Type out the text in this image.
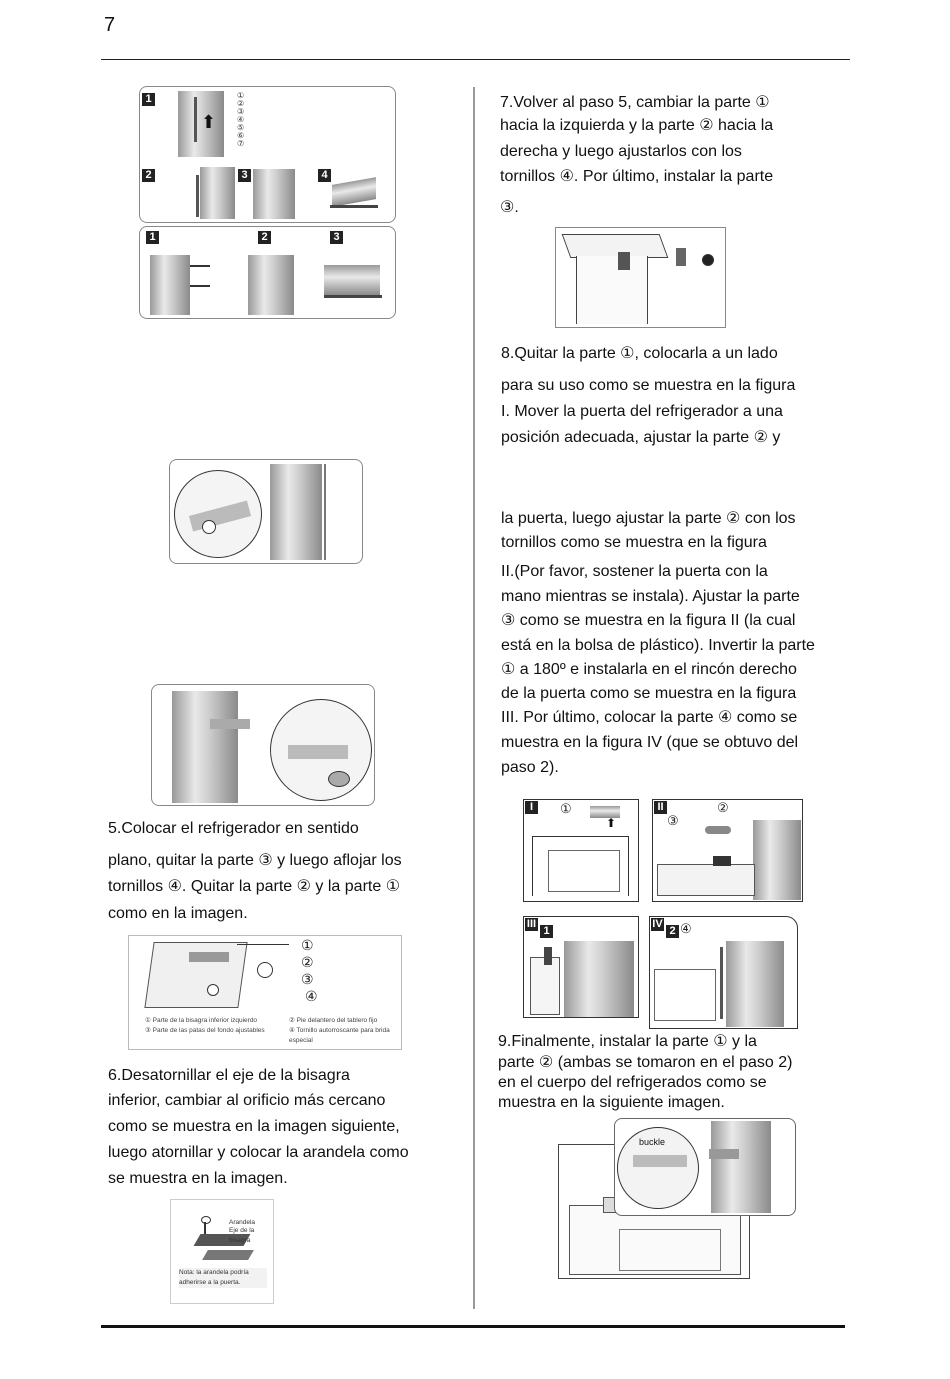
7
1
⬆
①
②
③
④
⑤
⑥
⑦
2	3	4
1	2	3
5.Colocar el refrigerador en sentido
plano, quitar la parte ③ y luego aflojar los
tornillos ④. Quitar la parte ② y la parte ①
como en la imagen.
①
②
③
④
① Parte de la bisagra inferior izquierdo
③ Parte de las patas del fondo ajustables
② Pie delantero del tablero fijo
④ Tornillo autorroscante para brida especial
6.Desatornillar el eje de la bisagra
inferior, cambiar al orificio más cercano
como se muestra en la imagen siguiente,
luego atornillar y colocar la arandela como
se muestra en la imagen.
Arandela
Eje de la bisagra
Nota: la arandela podría adherirse a la puerta.
7.Volver al paso 5, cambiar la parte ①
hacia la izquierda y la parte ② hacia la
derecha y luego ajustarlos con los
tornillos ④. Por último, instalar la parte
③.
8.Quitar la parte ①, colocarla a un lado
para su uso como se muestra en la figura
I. Mover la puerta del refrigerador a una
posición adecuada, ajustar la parte ② y
la puerta, luego ajustar la parte ② con los
tornillos como se muestra en la figura
II.(Por favor, sostener la puerta con la
mano mientras se instala). Ajustar la parte
③ como se muestra en la figura II (la cual
está en la bolsa de plástico). Invertir la parte
① a 180º e instalarla en el rincón derecho
de la puerta como se muestra en la figura
III. Por último, colocar la parte ④ como se
muestra en la figura IV (que se obtuvo del
paso 2).
I	①
⬆
II	②
③
III
1
IV
2 ④
9.Finalmente, instalar la parte ① y la
parte ② (ambas se tomaron en el paso 2)
en el cuerpo del refrigerados como se
muestra en la siguiente imagen.
buckle
